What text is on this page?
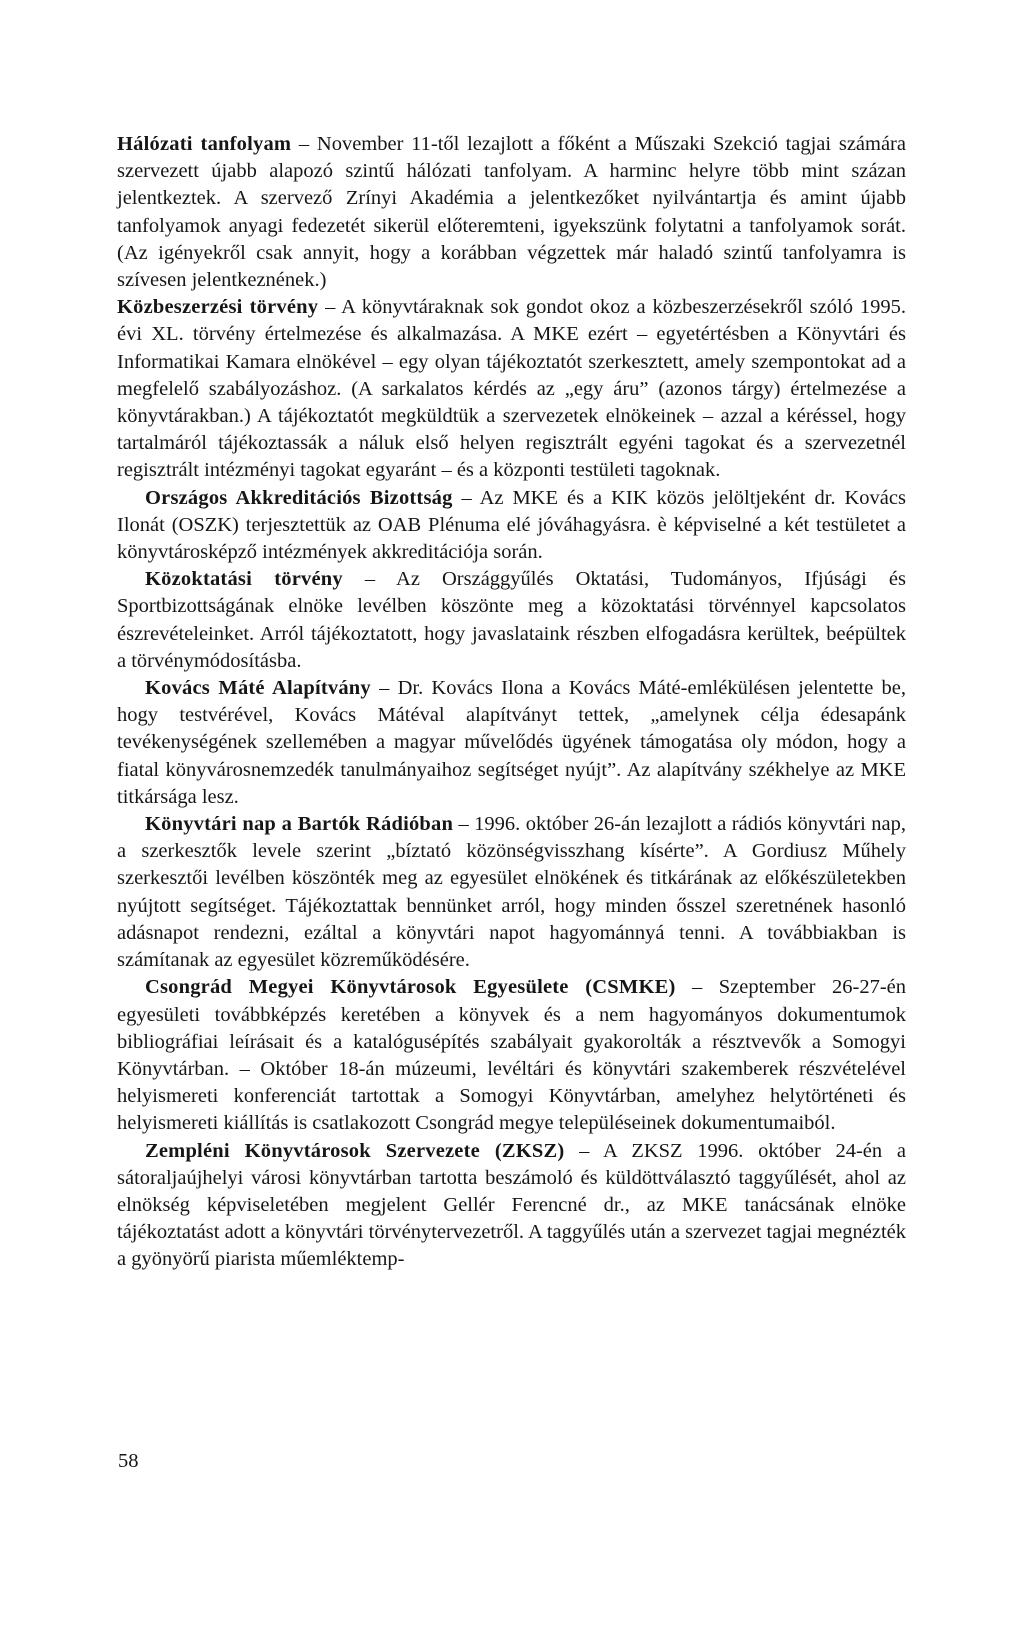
Hálózati tanfolyam – November 11-től lezajlott a főként a Műszaki Szekció tagjai számára szervezett újabb alapozó szintű hálózati tanfolyam. A harminc helyre több mint százan jelentkeztek. A szervező Zrínyi Akadémia a jelentkezőket nyilvántartja és amint újabb tanfolyamok anyagi fedezetét sikerül előteremteni, igyekszünk folytatni a tanfolyamok sorát. (Az igényekről csak annyit, hogy a korábban végzettek már haladó szintű tanfolyamra is szívesen jelentkeznének.)

Közbeszerzési törvény – A könyvtáraknak sok gondot okoz a közbeszerzésekről szóló 1995. évi XL. törvény értelmezése és alkalmazása. A MKE ezért – egyetértésben a Könyvtári és Informatikai Kamara elnökével – egy olyan tájékoztatót szerkesztett, amely szempontokat ad a megfelelő szabályozáshoz. (A sarkalatos kérdés az „egy áru” (azonos tárgy) értelmezése a könyvtárakban.) A tájékoztatót megküldtük a szervezetek elnökeinek – azzal a kéréssel, hogy tartalmáról tájékoztassák a náluk első helyen regisztrált egyéni tagokat és a szervezetnél regisztrált intézményi tagokat egyaránt – és a központi testületi tagoknak.

Országos Akkreditációs Bizottság – Az MKE és a KIK közös jelöltjeként dr. Kovács Ilonát (OSZK) terjesztettük az OAB Plénuma elé jóváhagyásra. è képviselné a két testületet a könyvtárosképző intézmények akkreditációja során.

Közoktatási törvény – Az Országgyűlés Oktatási, Tudományos, Ifjúsági és Sportbizottságának elnöke levélben köszönte meg a közoktatási törvénnyel kapcsolatos észrevételeinket. Arról tájékoztatott, hogy javaslataink részben elfogadásra kerültek, beépültek a törvénymódosításba.

Kovács Máté Alapítvány – Dr. Kovács Ilona a Kovács Máté-emlékülésen jelentette be, hogy testvérével, Kovács Mátéval alapítványt tettek, „amelynek célja édesapánk tevékenységének szellemében a magyar művelődés ügyének támogatása oly módon, hogy a fiatal könyvárosnemzedék tanulmányaihoz segítséget nyújt”. Az alapítvány székhelye az MKE titkársága lesz.

Könyvtári nap a Bartók Rádióban – 1996. október 26-án lezajlott a rádiós könyvtári nap, a szerkesztők levele szerint „bíztató közönségvisszhang kísérte”. A Gordiusz Műhely szerkesztői levélben köszönték meg az egyesület elnökének és titkárának az előkészületekben nyújtott segítséget. Tájékoztattak bennünket arról, hogy minden ősszel szeretnének hasonló adásnapot rendezni, ezáltal a könyvtári napot hagyománnyá tenni. A továbbiakban is számítanak az egyesület közreműködésére.

Csongrád Megyei Könyvtárosok Egyesülete (CSMKE) – Szeptember 26-27-én egyesületi továbbképzés keretében a könyvek és a nem hagyományos dokumentumok bibliográfiai leírásait és a katalógusépítés szabályait gyakorolták a résztvevők a Somogyi Könyvtárban. – Október 18-án múzeumi, levéltári és könyvtári szakemberek részvételével helyismereti konferenciát tartottak a Somogyi Könyvtárban, amelyhez helytörténeti és helyismereti kiállítás is csatlakozott Csongrád megye településeinek dokumentumaiból.

Zempléni Könyvtárosok Szervezete (ZKSZ) – A ZKSZ 1996. október 24-én a sátoraljaújhelyi városi könyvtárban tartotta beszámoló és küldöttválasztó taggyűlését, ahol az elnökség képviseletében megjelent Gellér Ferencné dr., az MKE tanácsának elnöke tájékoztatást adott a könyvtári törvénytervezetről. A taggyűlés után a szervezet tagjai megnézték a gyönyörű piarista műemléktemp-

58
